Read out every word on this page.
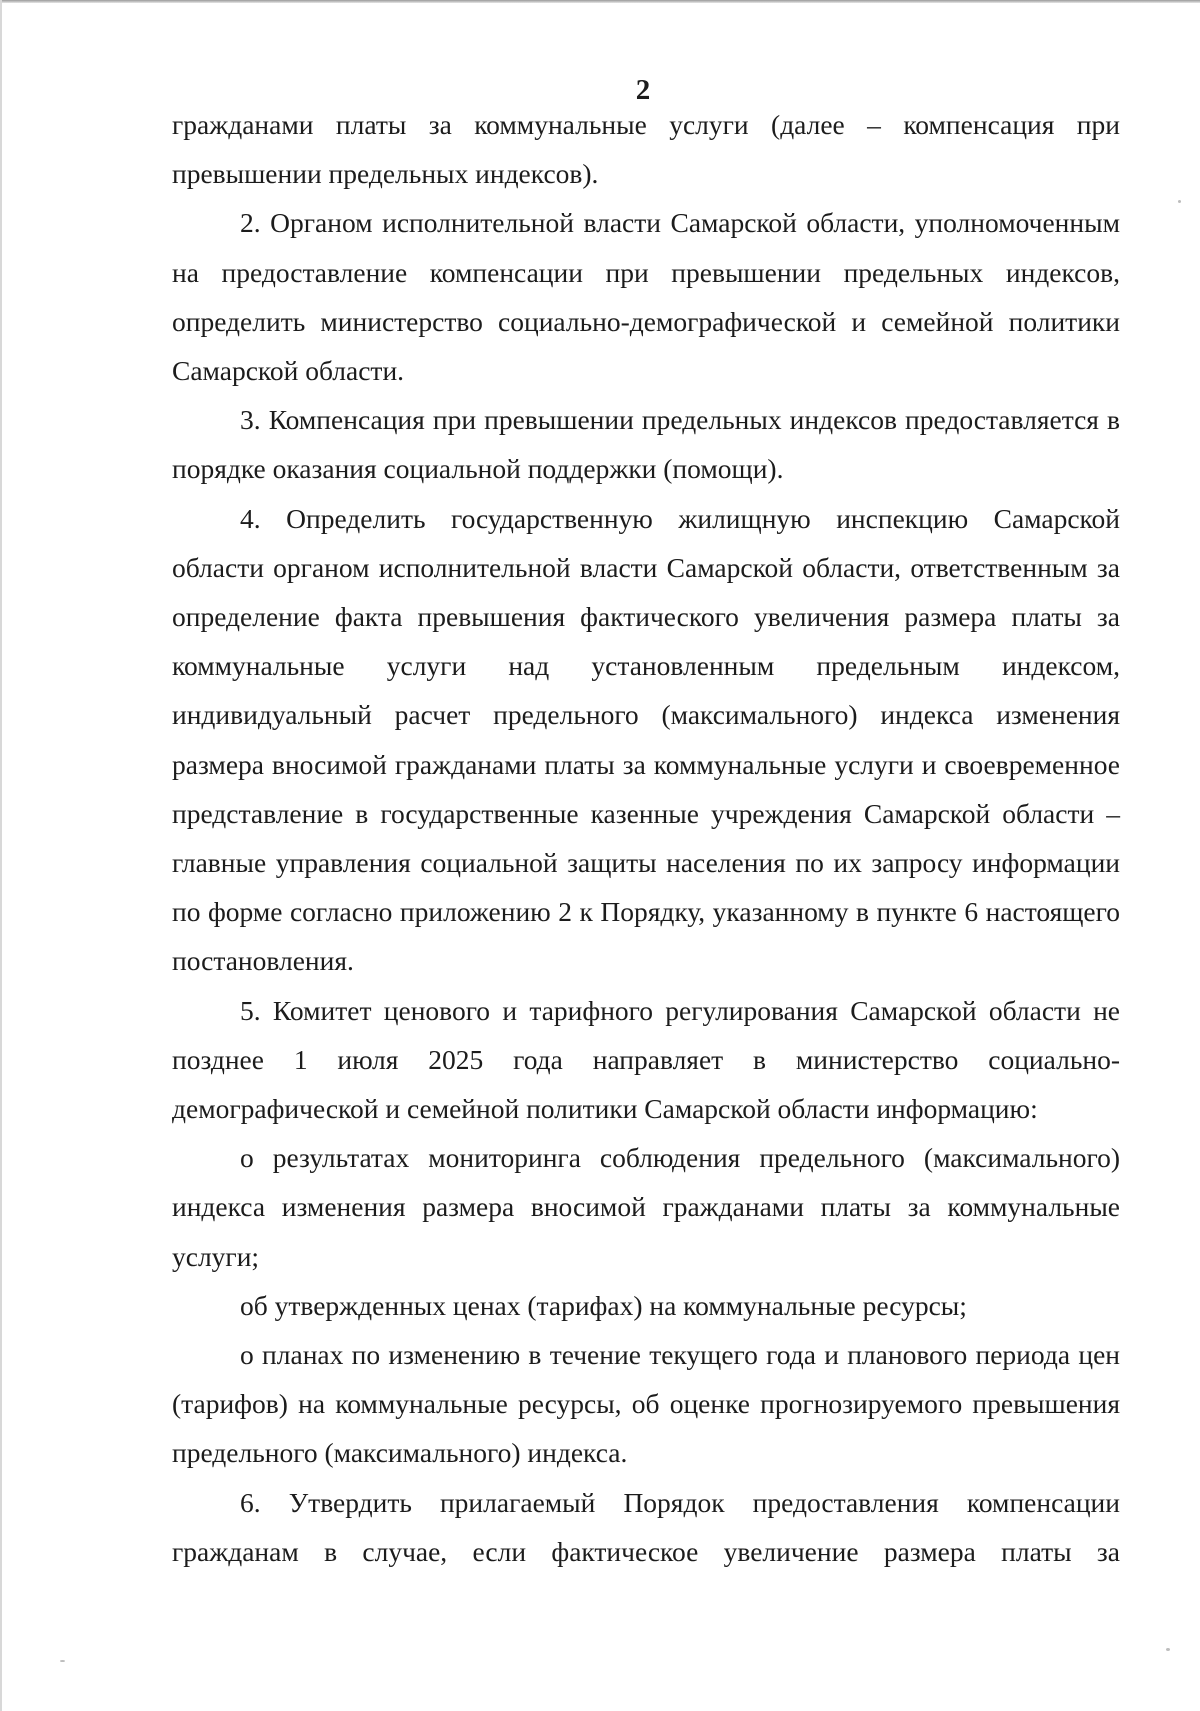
2

гражданами платы за коммунальные услуги (далее – компенсация при превышении предельных индексов).

2. Органом исполнительной власти Самарской области, уполномоченным на предоставление компенсации при превышении предельных индексов, определить министерство социально-демографической и семейной политики Самарской области.

3. Компенсация при превышении предельных индексов предоставляется в порядке оказания социальной поддержки (помощи).

4. Определить государственную жилищную инспекцию Самарской области органом исполнительной власти Самарской области, ответственным за определение факта превышения фактического увеличения размера платы за коммунальные услуги над установленным предельным индексом, индивидуальный расчет предельного (максимального) индекса изменения размера вносимой гражданами платы за коммунальные услуги и своевременное представление в государственные казенные учреждения Самарской области – главные управления социальной защиты населения по их запросу информации по форме согласно приложению 2 к Порядку, указанному в пункте 6 настоящего постановления.

5. Комитет ценового и тарифного регулирования Самарской области не позднее 1 июля 2025 года направляет в министерство социально-демографической и семейной политики Самарской области информацию:

о результатах мониторинга соблюдения предельного (максимального) индекса изменения размера вносимой гражданами платы за коммунальные услуги;

об утвержденных ценах (тарифах) на коммунальные ресурсы;

о планах по изменению в течение текущего года и планового периода цен (тарифов) на коммунальные ресурсы, об оценке прогнозируемого превышения предельного (максимального) индекса.

6. Утвердить прилагаемый Порядок предоставления компенсации гражданам в случае, если фактическое увеличение размера платы за
